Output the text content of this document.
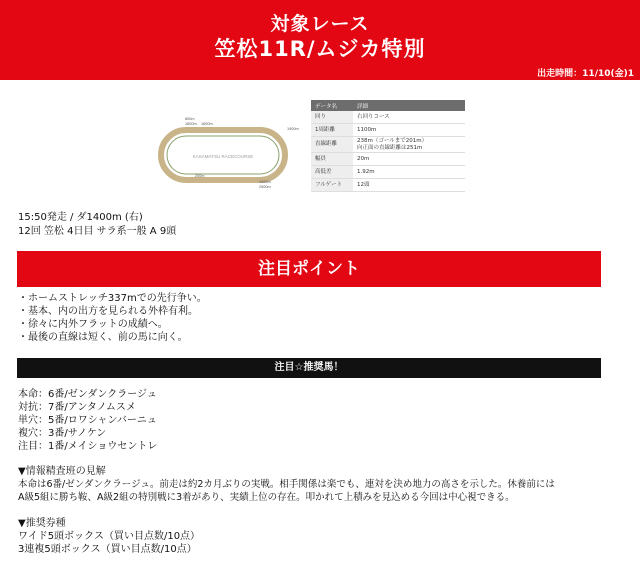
対象レース
笠松11R/ムジカ特別
出走時間：11/10(金)1
KASAMATSU RACECOURSE
800m
1800m 1600m
1900m
1400m
2500m
200m
データ名	詳細
回り	右回りコース
1周距離	1100m
直線距離	238m（ゴールまで201m）
向正面の直線距離は251m

幅員	20m
高低差	1.92m
フルゲート	12頭
15:50発走 / ダ1400m (右)
12回 笠松 4日目 サラ系一般 A 9頭
注目ポイント
・ホームストレッチ337mでの先行争い。
・基本、内の出方を見られる外枠有利。
・徐々に内外フラットの成績へ。
・最後の直線は短く、前の馬に向く。
注目☆推奨馬！
本命：6番/ゼンダンクラージュ
対抗：7番/アンタノムスメ
単穴：5番/ロワシャンバーニュ
複穴：3番/サノケン
注目：1番/メイショウセントレ
▼情報精査班の見解
本命は6番/ゼンダンクラージュ。前走は約2カ月ぶりの実戦。相手関係は楽でも、連対を決め地力の高さを示した。休養前には
A級5組に勝ち鞍、A級2組の特別戦に3着があり、実績上位の存在。叩かれて上積みを見込める今回は中心視できる。
▼推奨券種
ワイド5頭ボックス（買い目点数/10点）
3連複5頭ボックス（買い目点数/10点）
